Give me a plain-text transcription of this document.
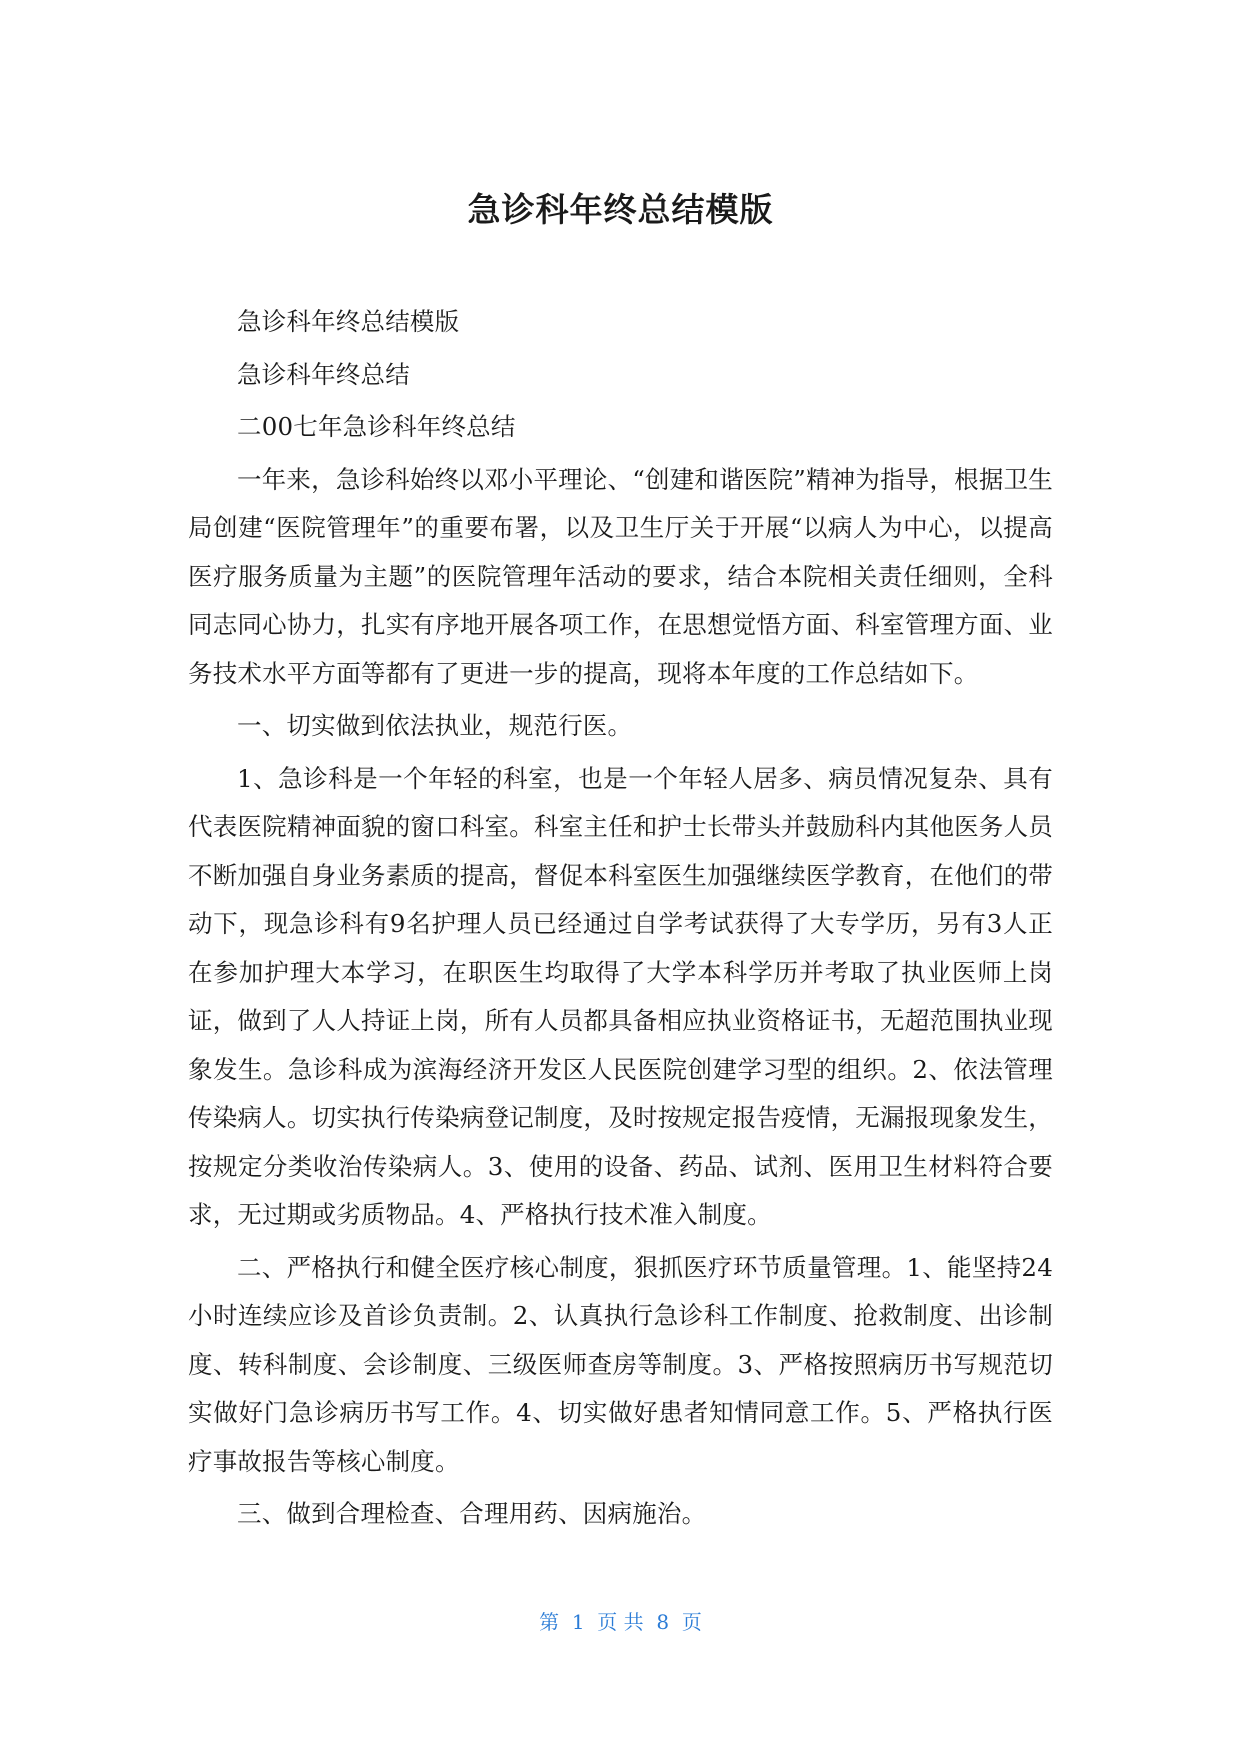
急诊科年终总结模版

急诊科年终总结模版

急诊科年终总结

二00七年急诊科年终总结

一年来，急诊科始终以邓小平理论、“创建和谐医院”精神为指导，根据卫生局创建“医院管理年”的重要布署，以及卫生厅关于开展“以病人为中心，以提高医疗服务质量为主题”的医院管理年活动的要求，结合本院相关责任细则，全科同志同心协力，扎实有序地开展各项工作，在思想觉悟方面、科室管理方面、业务技术水平方面等都有了更进一步的提高，现将本年度的工作总结如下。

一、切实做到依法执业，规范行医。

1、急诊科是一个年轻的科室，也是一个年轻人居多、病员情况复杂、具有代表医院精神面貌的窗口科室。科室主任和护士长带头并鼓励科内其他医务人员不断加强自身业务素质的提高，督促本科室医生加强继续医学教育，在他们的带动下，现急诊科有9名护理人员已经通过自学考试获得了大专学历，另有3人正在参加护理大本学习，在职医生均取得了大学本科学历并考取了执业医师上岗证，做到了人人持证上岗，所有人员都具备相应执业资格证书，无超范围执业现象发生。急诊科成为滨海经济开发区人民医院创建学习型的组织。2、依法管理传染病人。切实执行传染病登记制度，及时按规定报告疫情，无漏报现象发生，按规定分类收治传染病人。3、使用的设备、药品、试剂、医用卫生材料符合要求，无过期或劣质物品。4、严格执行技术准入制度。

二、严格执行和健全医疗核心制度，狠抓医疗环节质量管理。1、能坚持24小时连续应诊及首诊负责制。2、认真执行急诊科工作制度、抢救制度、出诊制度、转科制度、会诊制度、三级医师查房等制度。3、严格按照病历书写规范切实做好门急诊病历书写工作。4、切实做好患者知情同意工作。5、严格执行医疗事故报告等核心制度。

三、做到合理检查、合理用药、因病施治。

第  1  页 共  8  页
